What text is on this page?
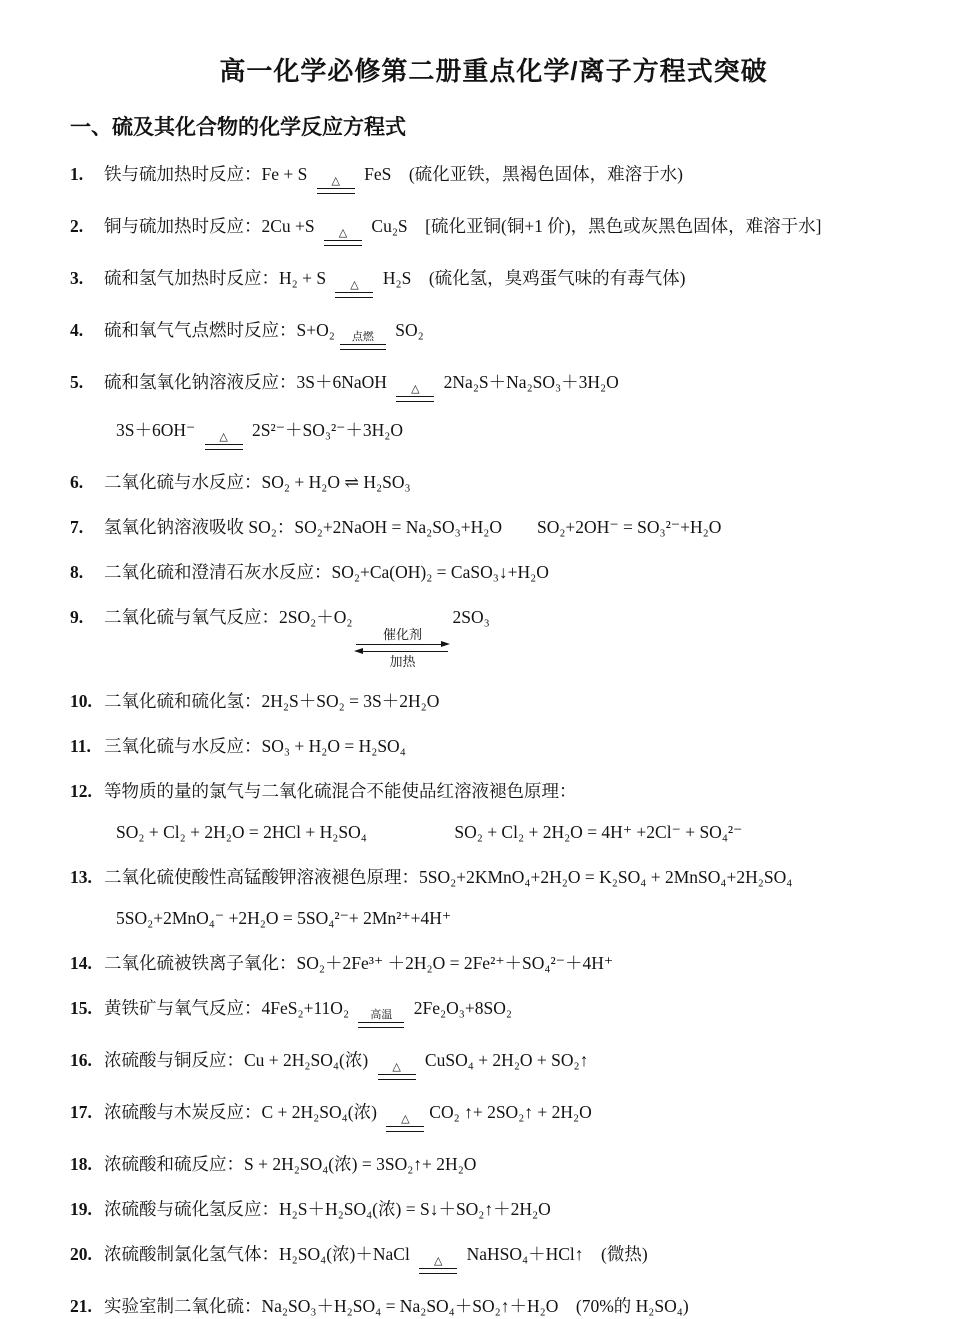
高一化学必修第二册重点化学/离子方程式突破
一、硫及其化合物的化学反应方程式
1.	铁与硫加热时反应：Fe + S	△	FeS　(硫化亚铁，黑褐色固体，难溶于水)
2.	铜与硫加热时反应：2Cu +S	△	Cu₂S　[硫化亚铜(铜+1 价)，黑色或灰黑色固体，难溶于水]
3.	硫和氢气加热时反应：H₂ + S	△	H₂S　(硫化氢，臭鸡蛋气味的有毒气体)
4.	硫和氧气气点燃时反应：S+O₂	点燃 SO₂
5.	硫和氢氧化钠溶液反应：3S＋6NaOH	△	2Na₂S＋Na₂SO₃＋3H₂O
3S＋6OH⁻	△	2S²⁻＋SO₃²⁻＋3H₂O
6.	二氧化硫与水反应：SO₂ + H₂O ⇌ H₂SO₃
7.	氢氧化钠溶液吸收 SO₂：SO₂+2NaOH = Na₂SO₃+H₂O　　SO₂+2OH⁻ = SO₃²⁻+H₂O
8.	二氧化硫和澄清石灰水反应：SO₂+Ca(OH)₂ = CaSO₃↓+H₂O
9.	二氧化硫与氧气反应：2SO₂＋O₂
催化剂
加热
2SO₃
10. 二氧化硫和硫化氢：2H₂S＋SO₂ = 3S＋2H₂O
11. 三氧化硫与水反应：SO₃ + H₂O = H₂SO₄
12. 等物质的量的氯气与二氧化硫混合不能使品红溶液褪色原理：
SO₂ + Cl₂ + 2H₂O = 2HCl + H₂SO₄　　　　　SO₂ + Cl₂ + 2H₂O = 4H⁺ +2Cl⁻ + SO₄²⁻
13. 二氧化硫使酸性高锰酸钾溶液褪色原理：5SO₂+2KMnO₄+2H₂O = K₂SO₄ + 2MnSO₄+2H₂SO₄
5SO₂+2MnO₄⁻ +2H₂O = 5SO₄²⁻+ 2Mn²⁺+4H⁺
14. 二氧化硫被铁离子氧化：SO₂＋2Fe³⁺ ＋2H₂O = 2Fe²⁺＋SO₄²⁻＋4H⁺
15. 黄铁矿与氧气反应：4FeS₂+11O₂	高温 2Fe₂O₃+8SO₂
16. 浓硫酸与铜反应：Cu + 2H₂SO₄(浓)	△	CuSO₄ + 2H₂O + SO₂↑
17. 浓硫酸与木炭反应：C + 2H₂SO₄(浓)	△	CO₂ ↑+ 2SO₂↑ + 2H₂O
18. 浓硫酸和硫反应：S + 2H₂SO₄(浓) = 3SO₂↑+ 2H₂O
19. 浓硫酸与硫化氢反应：H₂S＋H₂SO₄(浓) = S↓＋SO₂↑＋2H₂O
20. 浓硫酸制氯化氢气体：H₂SO₄(浓)＋NaCl	△	NaHSO₄＋HCl↑　(微热)
21. 实验室制二氧化硫：Na₂SO₃＋H₂SO₄ = Na₂SO₄＋SO₂↑＋H₂O　(70%的 H₂SO₄)
